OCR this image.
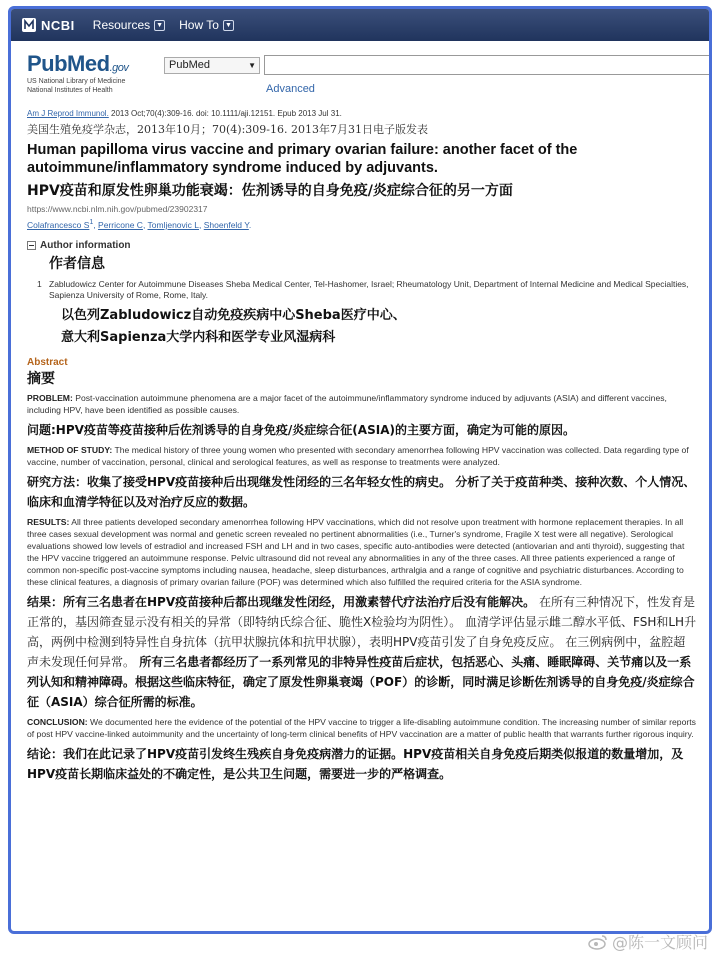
NCBI Resources ▼ How To ▼
PubMed.gov
US National Library of Medicine
National Institutes of Health
PubMed	▼
Advanced
Am J Reprod Immunol. 2013 Oct;70(4):309-16. doi: 10.1111/aji.12151. Epub 2013 Jul 31.
美国生殖免疫学杂志，2013年10月；70(4):309-16. 2013年7月31日电子版发表
Human papilloma virus vaccine and primary ovarian failure: another facet of the autoimmune/inflammatory syndrome induced by adjuvants.
HPV疫苗和原发性卵巢功能衰竭：佐剂诱导的自身免疫/炎症综合征的另一方面
https://www.ncbi.nlm.nih.gov/pubmed/23902317
Colafrancesco $S^1$, Perricone C, Tomljenovic L, Shoenfeld Y.
Author information
作者信息
1 Zabludowicz Center for Autoimmune Diseases Sheba Medical Center, Tel-Hashomer, Israel; Rheumatology Unit, Department of Internal Medicine and Medical Specialties, Sapienza University of Rome, Rome, Italy.
以色列Zabludowicz自动免疫疾病中心Sheba医疗中心、
意大利Sapienza大学内科和医学专业风湿病科
Abstract
摘要
PROBLEM: Post-vaccination autoimmune phenomena are a major facet of the autoimmune/inflammatory syndrome induced by adjuvants (ASIA) and different vaccines, including HPV, have been identified as possible causes.
问题:HPV疫苗等疫苗接种后佐剂诱导的自身免疫/炎症综合征(ASIA)的主要方面，确定为可能的原因。
METHOD OF STUDY: The medical history of three young women who presented with secondary amenorrhea following HPV vaccination was collected. Data regarding type of vaccine, number of vaccination, personal, clinical and serological features, as well as response to treatments were analyzed.
研究方法：收集了接受HPV疫苗接种后出现继发性闭经的三名年轻女性的病史。 分析了关于疫苗种类、接种次数、个人情况、临床和血清学特征以及对治疗反应的数据。
RESULTS: All three patients developed secondary amenorrhea following HPV vaccinations, which did not resolve upon treatment with hormone replacement therapies. In all three cases sexual development was normal and genetic screen revealed no pertinent abnormalities (i.e., Turner's syndrome, Fragile X test were all negative). Serological evaluations showed low levels of estradiol and increased FSH and LH and in two cases, specific auto-antibodies were detected (antiovarian and anti thyroid), suggesting that the HPV vaccine triggered an autoimmune response. Pelvic ultrasound did not reveal any abnormalities in any of the three cases. All three patients experienced a range of common non-specific post-vaccine symptoms including nausea, headache, sleep disturbances, arthralgia and a range of cognitive and psychiatric disturbances. According to these clinical features, a diagnosis of primary ovarian failure (POF) was determined which also fulfilled the required criteria for the ASIA syndrome.
结果：所有三名患者在HPV疫苗接种后都出现继发性闭经，用激素替代疗法治疗后没有能解决。 在所有三种情况下，性发育是正常的，基因筛查显示没有相关的异常（即特纳氏综合征、脆性X检验均为阴性）。 血清学评估显示雌二醇水平低、FSH和LH升高，两例中检测到特异性自身抗体（抗甲状腺抗体和抗甲状腺），表明HPV疫苗引发了自身免疫反应。 在三例病例中，盆腔超声未发现任何异常。 所有三名患者都经历了一系列常见的非特异性疫苗后症状，包括恶心、头痛、睡眠障碍、关节痛以及一系列认知和精神障碍。根据这些临床特征，确定了原发性卵巢衰竭（POF）的诊断，同时满足诊断佐剂诱导的自身免疫/炎症综合征（ASIA）综合征所需的标准。
CONCLUSION: We documented here the evidence of the potential of the HPV vaccine to trigger a life-disabling autoimmune condition. The increasing number of similar reports of post HPV vaccine-linked autoimmunity and the uncertainty of long-term clinical benefits of HPV vaccination are a matter of public health that warrants further rigorous inquiry.
结论：我们在此记录了HPV疫苗引发终生残疾自身免疫病潜力的证据。HPV疫苗相关自身免疫后期类似报道的数量增加，及HPV疫苗长期临床益处的不确定性，是公共卫生问题，需要进一步的严格调查。
@陈一文顾问
